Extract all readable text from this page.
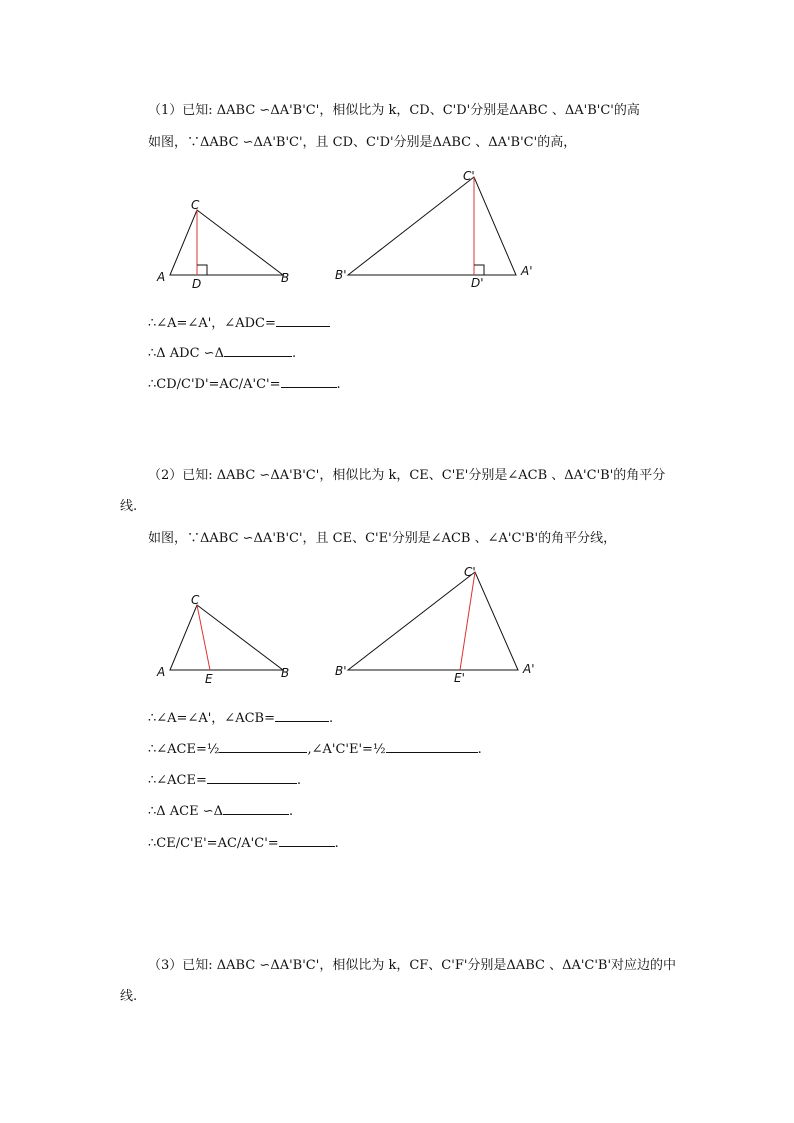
（1）已知: ΔABC ∽ΔA'B'C'，相似比为 k，CD、C'D'分别是ΔABC 、ΔA'B'C'的高
如图，∵ΔABC ∽ΔA'B'C'，且 CD、C'D'分别是ΔABC 、ΔA'B'C'的高，
C
A D	B
C'
B'
D'
A'
∴∠A=∠A'，∠ADC=
∴Δ ADC ∽Δ	.
∴CD/C'D'=AC/A'C'=	.
（2）已知: ΔABC ∽ΔA'B'C'，相似比为 k，CE、C'E'分别是∠ACB 、ΔA'C'B'的角平分
线.
如图，∵ΔABC ∽ΔA'B'C'，且 CE、C'E'分别是∠ACB 、∠A'C'B'的角平分线，
C
A	E	B
C'
B'	E'
A'
∴∠A=∠A'，∠ACB=	.
∴∠ACE=½	,∠A'C'E'=½	.
∴∠ACE=	.
∴Δ ACE ∽Δ	.
∴CE/C'E'=AC/A'C'=	.
（3）已知: ΔABC ∽ΔA'B'C'，相似比为 k，CF、C'F'分别是ΔABC 、ΔA'C'B'对应边的中
线.
